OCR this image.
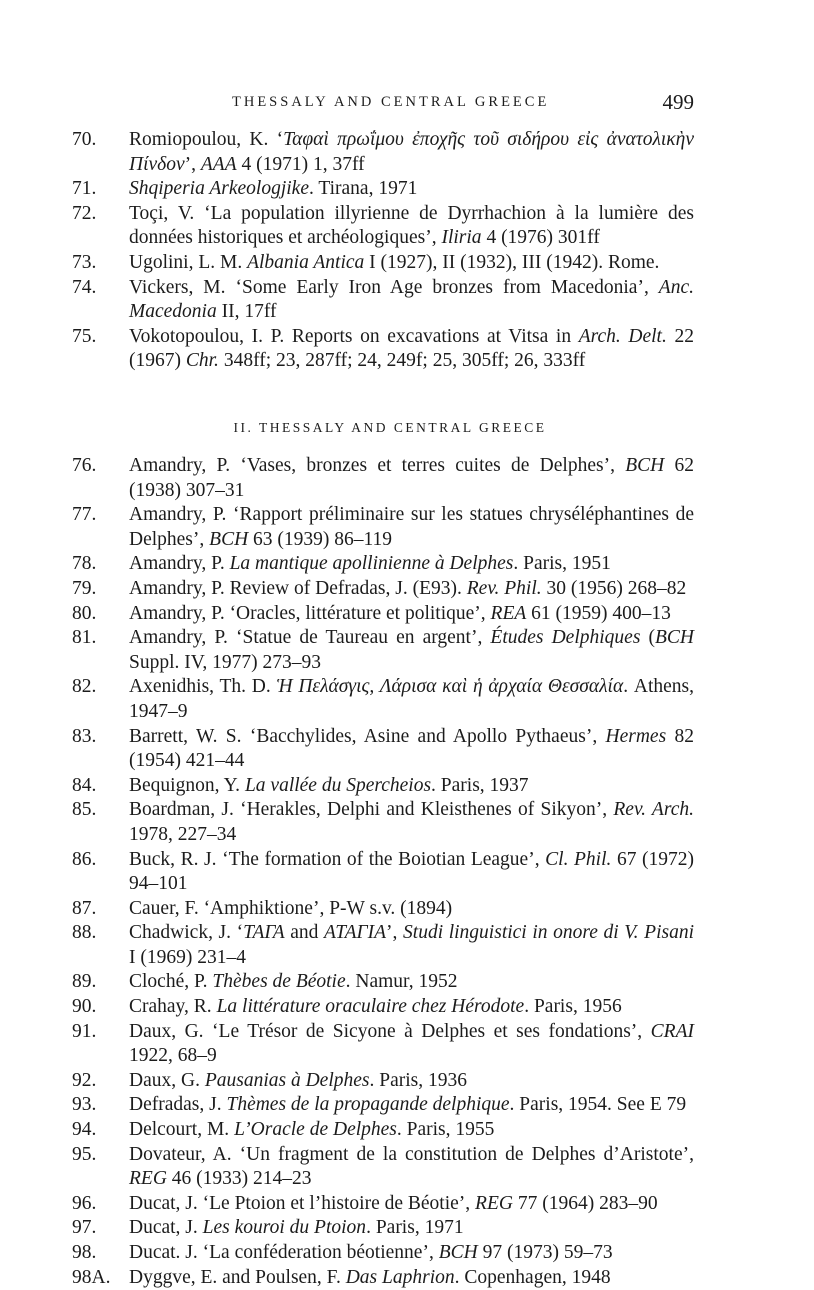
THESSALY AND CENTRAL GREECE	499

70.	Romiopoulou, K. ‘Ταφαὶ πρωΐμου ἐποχῆς τοῦ σιδήρου εἰς ἀνατολικὴν Πίνδον’, AAA 4 (1971) 1, 37ff

71.	Shqiperia Arkeologjike. Tirana, 1971

72.	Toçi, V. ‘La population illyrienne de Dyrrhachion à la lumière des données historiques et archéologiques’, Iliria 4 (1976) 301ff

73.	Ugolini, L. M. Albania Antica I (1927), II (1932), III (1942). Rome.

74.	Vickers, M. ‘Some Early Iron Age bronzes from Macedonia’, Anc. Macedonia II, 17ff

75.	Vokotopoulou, I. P. Reports on excavations at Vitsa in Arch. Delt. 22 (1967) Chr. 348ff; 23, 287ff; 24, 249f; 25, 305ff; 26, 333ff

II. THESSALY AND CENTRAL GREECE

76.	Amandry, P. ‘Vases, bronzes et terres cuites de Delphes’, BCH 62 (1938) 307–31

77.	Amandry, P. ‘Rapport préliminaire sur les statues chryséléphantines de Delphes’, BCH 63 (1939) 86–119

78.	Amandry, P. La mantique apollinienne à Delphes. Paris, 1951

79.	Amandry, P. Review of Defradas, J. (E93). Rev. Phil. 30 (1956) 268–82

80.	Amandry, P. ‘Oracles, littérature et politique’, REA 61 (1959) 400–13

81.	Amandry, P. ‘Statue de Taureau en argent’, Études Delphiques (BCH Suppl. IV, 1977) 273–93

82.	Axenidhis, Th. D. Ἡ Πελάσγις, Λάρισα καὶ ἡ ἀρχαία Θεσσαλία. Athens, 1947–9

83.	Barrett, W. S. ‘Bacchylides, Asine and Apollo Pythaeus’, Hermes 82 (1954) 421–44

84.	Bequignon, Y. La vallée du Spercheios. Paris, 1937

85.	Boardman, J. ‘Herakles, Delphi and Kleisthenes of Sikyon’, Rev. Arch. 1978, 227–34

86.	Buck, R. J. ‘The formation of the Boiotian League’, Cl. Phil. 67 (1972) 94–101

87.	Cauer, F. ‘Amphiktione’, P-W s.v. (1894)

88.	Chadwick, J. ‘ΤΑΓΑ and ΑΤΑΓΙΑ’, Studi linguistici in onore di V. Pisani I (1969) 231–4

89.	Cloché, P. Thèbes de Béotie. Namur, 1952

90.	Crahay, R. La littérature oraculaire chez Hérodote. Paris, 1956

91.	Daux, G. ‘Le Trésor de Sicyone à Delphes et ses fondations’, CRAI 1922, 68–9

92.	Daux, G. Pausanias à Delphes. Paris, 1936

93.	Defradas, J. Thèmes de la propagande delphique. Paris, 1954. See E 79

94.	Delcourt, M. L’Oracle de Delphes. Paris, 1955

95.	Dovateur, A. ‘Un fragment de la constitution de Delphes d’Aristote’, REG 46 (1933) 214–23

96.	Ducat, J. ‘Le Ptoion et l’histoire de Béotie’, REG 77 (1964) 283–90

97.	Ducat, J. Les kouroi du Ptoion. Paris, 1971

98.	Ducat. J. ‘La conféderation béotienne’, BCH 97 (1973) 59–73

98A. Dyggve, E. and Poulsen, F. Das Laphrion. Copenhagen, 1948
